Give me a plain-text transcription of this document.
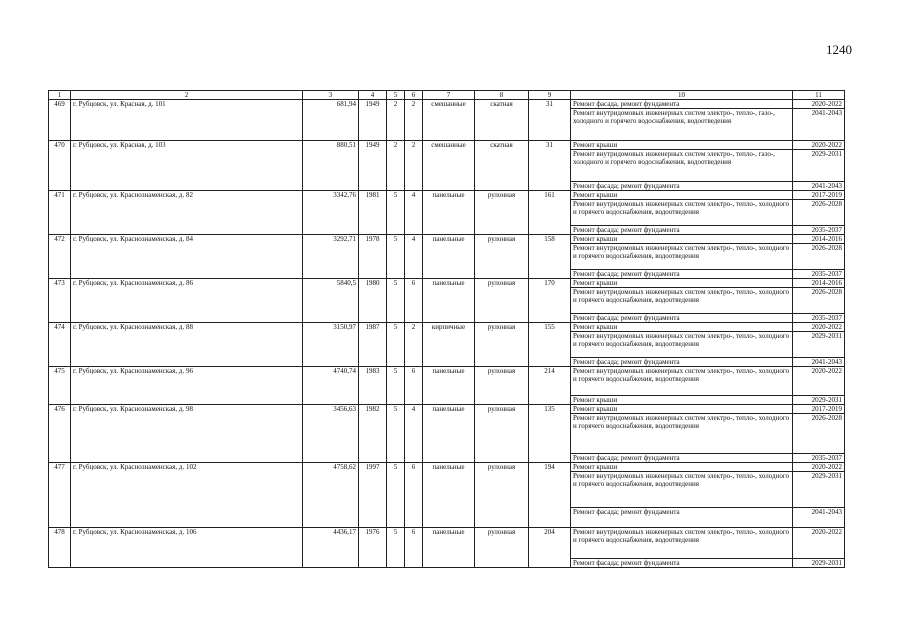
1240
1	2	3	4	5	6	7	8	9	10	11
469	г. Рубцовск, ул. Красная, д. 101	681,94	1949	2	2	смешанные	скатная	31	Ремонт фасада, ремонт фундамента	2020-2022
									Ремонт внутридомовых инженерных систем электро-, тепло-, газо-, холодного и горячего водоснабжения, водоотведения	2041-2043
470	г. Рубцовск, ул. Красная, д. 103	880,51	1949	2	2	смешанные	скатная	31	Ремонт крыши	2020-2022
									Ремонт внутридомовых инженерных систем электро-, тепло-, газо-, холодного и горячего водоснабжения, водоотведения	2029-2031
									Ремонт фасада; ремонт фундамента	2041-2043
471	г. Рубцовск, ул. Краснознаменская, д. 82	3342,76	1981	5	4	панельные	рулонная	161	Ремонт крыши	2017-2019
									Ремонт внутридомовых инженерных систем электро-, тепло-, холодного и горячего водоснабжения, водоотведения	2026-2028
									Ремонт фасада; ремонт фундамента	2035-2037
472	г. Рубцовск, ул. Краснознаменская, д. 84	3292,71	1978	5	4	панельные	рулонная	158	Ремонт крыши	2014-2016
									Ремонт внутридомовых инженерных систем электро-, тепло-, холодного и горячего водоснабжения, водоотведения	2026-2028
									Ремонт фасада; ремонт фундамента	2035-2037
473	г. Рубцовск, ул. Краснознаменская, д. 86	5840,5	1980	5	6	панельные	рулонная	170	Ремонт крыши	2014-2016
									Ремонт внутридомовых инженерных систем электро-, тепло-, холодного и горячего водоснабжения, водоотведения	2026-2028
									Ремонт фасада; ремонт фундамента	2035-2037
474	г. Рубцовск, ул. Краснознаменская, д. 88	3150,97	1987	5	2	кирпичные	рулонная	155	Ремонт крыши	2020-2022
									Ремонт внутридомовых инженерных систем электро-, тепло-, холодного и горячего водоснабжения, водоотведения	2029-2031
									Ремонт фасада; ремонт фундамента	2041-2043
475	г. Рубцовск, ул. Краснознаменская, д. 96	4740,74	1983	5	6	панельные	рулонная	214	Ремонт внутридомовых инженерных систем электро-, тепло-, холодного и горячего водоснабжения, водоотведения	2020-2022
									Ремонт крыши	2029-2031
476	г. Рубцовск, ул. Краснознаменская, д. 98	3456,63	1982	5	4	панельные	рулонная	135	Ремонт крыши	2017-2019
									Ремонт внутридомовых инженерных систем электро-, тепло-, холодного и горячего водоснабжения, водоотведения	2026-2028
									Ремонт фасада; ремонт фундамента	2035-2037
477	г. Рубцовск, ул. Краснознаменская, д. 102	4758,62	1997	5	6	панельные	рулонная	194	Ремонт крыши	2020-2022
									Ремонт внутридомовых инженерных систем электро-, тепло-, холодного и горячего водоснабжения, водоотведения	2029-2031
									Ремонт фасада; ремонт фундамента	2041-2043
478	г. Рубцовск, ул. Краснознаменская, д. 106	4436,17	1976	5	6	панельные	рулонная	204	Ремонт внутридомовых инженерных систем электро-, тепло-, холодного и горячего водоснабжения, водоотведения	2020-2022
									Ремонт фасада; ремонт фундамента	2029-2031
